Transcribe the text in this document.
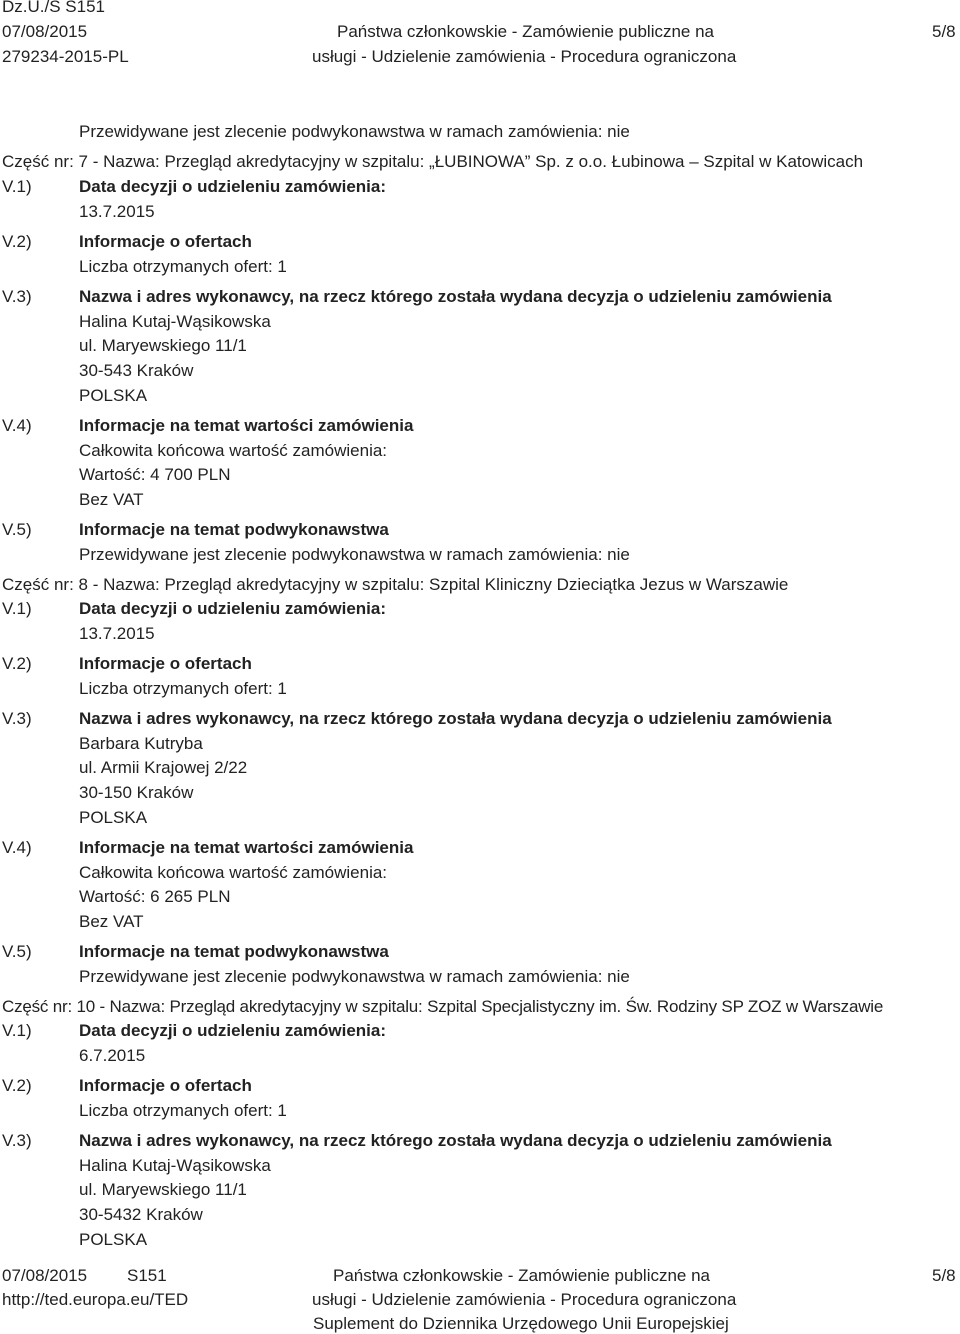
Dz.U./S S151
07/08/2015
279234-2015-PL
Państwa członkowskie - Zamówienie publiczne na
usługi - Udzielenie zamówienia - Procedura ograniczona
5/8
Przewidywane jest zlecenie podwykonawstwa w ramach zamówienia: nie
Część nr: 7 - Nazwa: Przegląd akredytacyjny w szpitalu: „ŁUBINOWA” Sp. z o.o. Łubinowa – Szpital w Katowicach
V.1)	Data decyzji o udzieleniu zamówienia:
13.7.2015
V.2)	Informacje o ofertach
Liczba otrzymanych ofert: 1
V.3)	Nazwa i adres wykonawcy, na rzecz którego została wydana decyzja o udzieleniu zamówienia
Halina Kutaj-Wąsikowska
ul. Maryewskiego 11/1
30-543 Kraków
POLSKA
V.4)	Informacje na temat wartości zamówienia
Całkowita końcowa wartość zamówienia:
Wartość: 4 700 PLN
Bez VAT
V.5)	Informacje na temat podwykonawstwa
Przewidywane jest zlecenie podwykonawstwa w ramach zamówienia: nie
Część nr: 8 - Nazwa: Przegląd akredytacyjny w szpitalu: Szpital Kliniczny Dzieciątka Jezus w Warszawie
V.1)	Data decyzji o udzieleniu zamówienia:
13.7.2015
V.2)	Informacje o ofertach
Liczba otrzymanych ofert: 1
V.3)	Nazwa i adres wykonawcy, na rzecz którego została wydana decyzja o udzieleniu zamówienia
Barbara Kutryba
ul. Armii Krajowej 2/22
30-150 Kraków
POLSKA
V.4)	Informacje na temat wartości zamówienia
Całkowita końcowa wartość zamówienia:
Wartość: 6 265 PLN
Bez VAT
V.5)	Informacje na temat podwykonawstwa
Przewidywane jest zlecenie podwykonawstwa w ramach zamówienia: nie
Część nr: 10 - Nazwa: Przegląd akredytacyjny w szpitalu: Szpital Specjalistyczny im. Św. Rodziny SP ZOZ w Warszawie
V.1)	Data decyzji o udzieleniu zamówienia:
6.7.2015
V.2)	Informacje o ofertach
Liczba otrzymanych ofert: 1
V.3)	Nazwa i adres wykonawcy, na rzecz którego została wydana decyzja o udzieleniu zamówienia
Halina Kutaj-Wąsikowska
ul. Maryewskiego 11/1
30-5432 Kraków
POLSKA
07/08/2015 S151
http://ted.europa.eu/TED
Państwa członkowskie - Zamówienie publiczne na
usługi - Udzielenie zamówienia - Procedura ograniczona
Suplement do Dziennika Urzędowego Unii Europejskiej
5/8
